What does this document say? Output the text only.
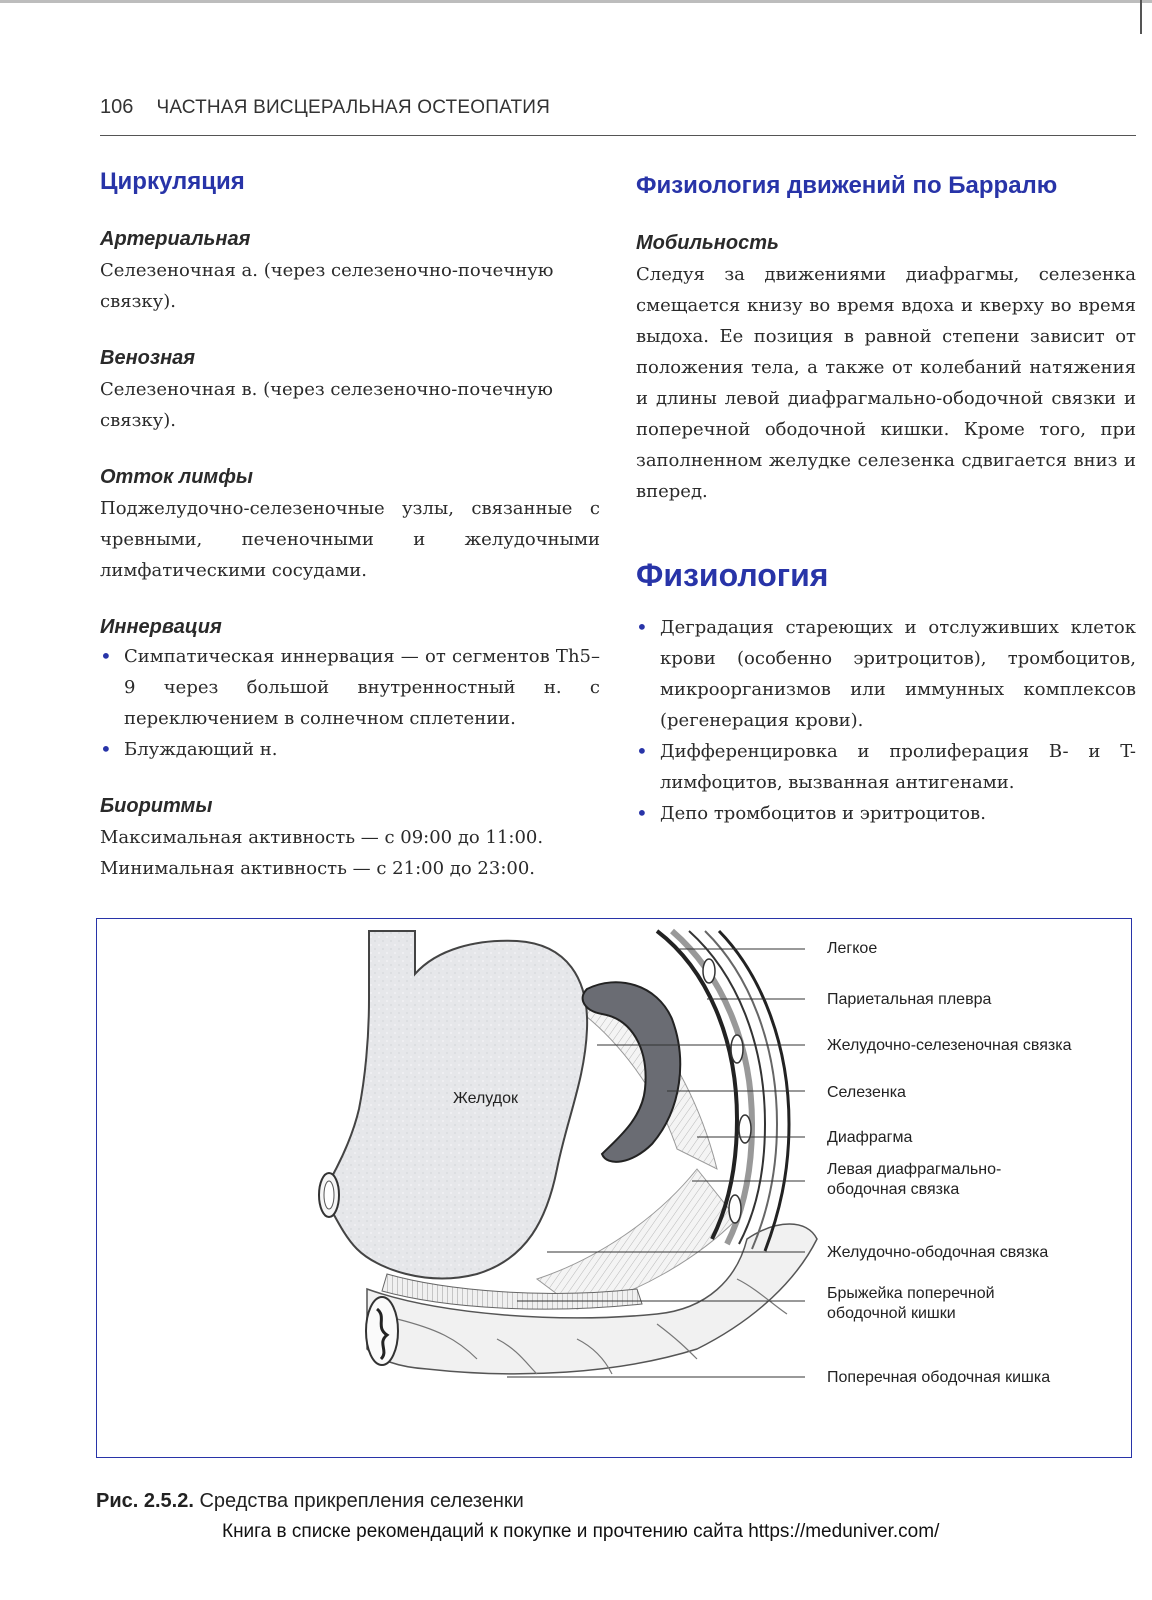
106 ЧАСТНАЯ ВИСЦЕРАЛЬНАЯ ОСТЕОПАТИЯ
Циркуляция
Артериальная

Селезеночная а. (через селезеночно-почечную связку).

Венозная

Селезеночная в. (через селезеночно-почечную связку).

Отток лимфы

Поджелудочно-селезеночные узлы, связанные с чревными, печеночными и желудочными лимфатическими сосудами.

Иннервация
• Симпатическая иннервация — от сегментов Th5–9 через большой внутренностный н. с переключением в солнечном сплетении.
• Блуждающий н.
Биоритмы

Максимальная активность — с 09:00 до 11:00.

Минимальная активность — с 21:00 до 23:00.

Физиология движений по Барралю
Мобильность

Следуя за движениями диафрагмы, селезенка смещается книзу во время вдоха и кверху во время выдоха. Ее позиция в равной степени зависит от положения тела, а также от колебаний натяжения и длины левой диафрагмально-ободочной связки и поперечной ободочной кишки. Кроме того, при заполненном желудке селезенка сдвигается вниз и вперед.

Физиология
• Деградация стареющих и отслуживших клеток крови (особенно эритроцитов), тромбоцитов, микроорганизмов или иммунных комплексов (регенерация крови).
• Дифференцировка и пролиферация B- и T-лимфоцитов, вызванная антигенами.
• Депо тромбоцитов и эритроцитов.
Желудок
Легкое
Париетальная плевра
Желудочно-селезеночная связка
Селезенка
Диафрагма
Левая диафрагмально-
ободочная связка
Желудочно-ободочная связка
Брыжейка поперечной
ободочной кишки
Поперечная ободочная кишка
Рис. 2.5.2. Средства прикрепления селезенки
Книга в списке рекомендаций к покупке и прочтению сайта https://meduniver.com/
